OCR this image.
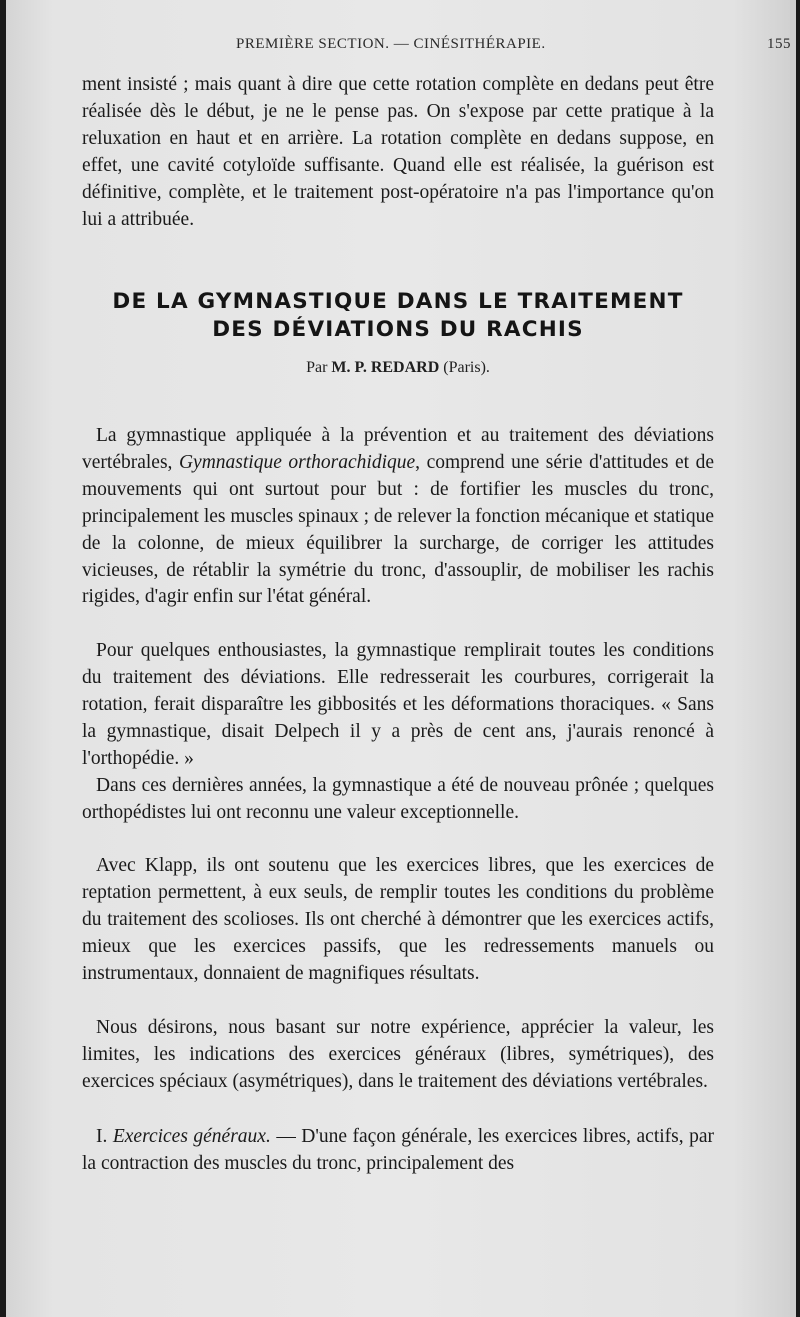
PREMIÈRE SECTION. — CINÉSITHÉRAPIE.	155

ment insisté ; mais quant à dire que cette rotation complète en dedans peut être réalisée dès le début, je ne le pense pas. On s'expose par cette pratique à la reluxation en haut et en arrière. La rotation complète en dedans suppose, en effet, une cavité cotyloïde suffisante. Quand elle est réalisée, la guérison est définitive, complète, et le traitement post-opératoire n'a pas l'importance qu'on lui a attribuée.

DE LA GYMNASTIQUE DANS LE TRAITEMENT
DES DÉVIATIONS DU RACHIS

Par M. P. REDARD (Paris).

La gymnastique appliquée à la prévention et au traitement des déviations vertébrales, Gymnastique orthorachidique, comprend une série d'attitudes et de mouvements qui ont surtout pour but : de fortifier les muscles du tronc, principalement les muscles spinaux ; de relever la fonction mécanique et statique de la colonne, de mieux équilibrer la surcharge, de corriger les attitudes vicieuses, de rétablir la symétrie du tronc, d'assouplir, de mobiliser les rachis rigides, d'agir enfin sur l'état général.

Pour quelques enthousiastes, la gymnastique remplirait toutes les conditions du traitement des déviations. Elle redresserait les courbures, corrigerait la rotation, ferait disparaître les gibbosités et les déformations thoraciques. « Sans la gymnastique, disait Delpech il y a près de cent ans, j'aurais renoncé à l'orthopédie. »

Dans ces dernières années, la gymnastique a été de nouveau prônée ; quelques orthopédistes lui ont reconnu une valeur exceptionnelle.

Avec Klapp, ils ont soutenu que les exercices libres, que les exercices de reptation permettent, à eux seuls, de remplir toutes les conditions du problème du traitement des scolioses. Ils ont cherché à démontrer que les exercices actifs, mieux que les exercices passifs, que les redressements manuels ou instrumentaux, donnaient de magnifiques résultats.

Nous désirons, nous basant sur notre expérience, apprécier la valeur, les limites, les indications des exercices généraux (libres, symétriques), des exercices spéciaux (asymétriques), dans le traitement des déviations vertébrales.

I. Exercices généraux. — D'une façon générale, les exercices libres, actifs, par la contraction des muscles du tronc, principalement des
